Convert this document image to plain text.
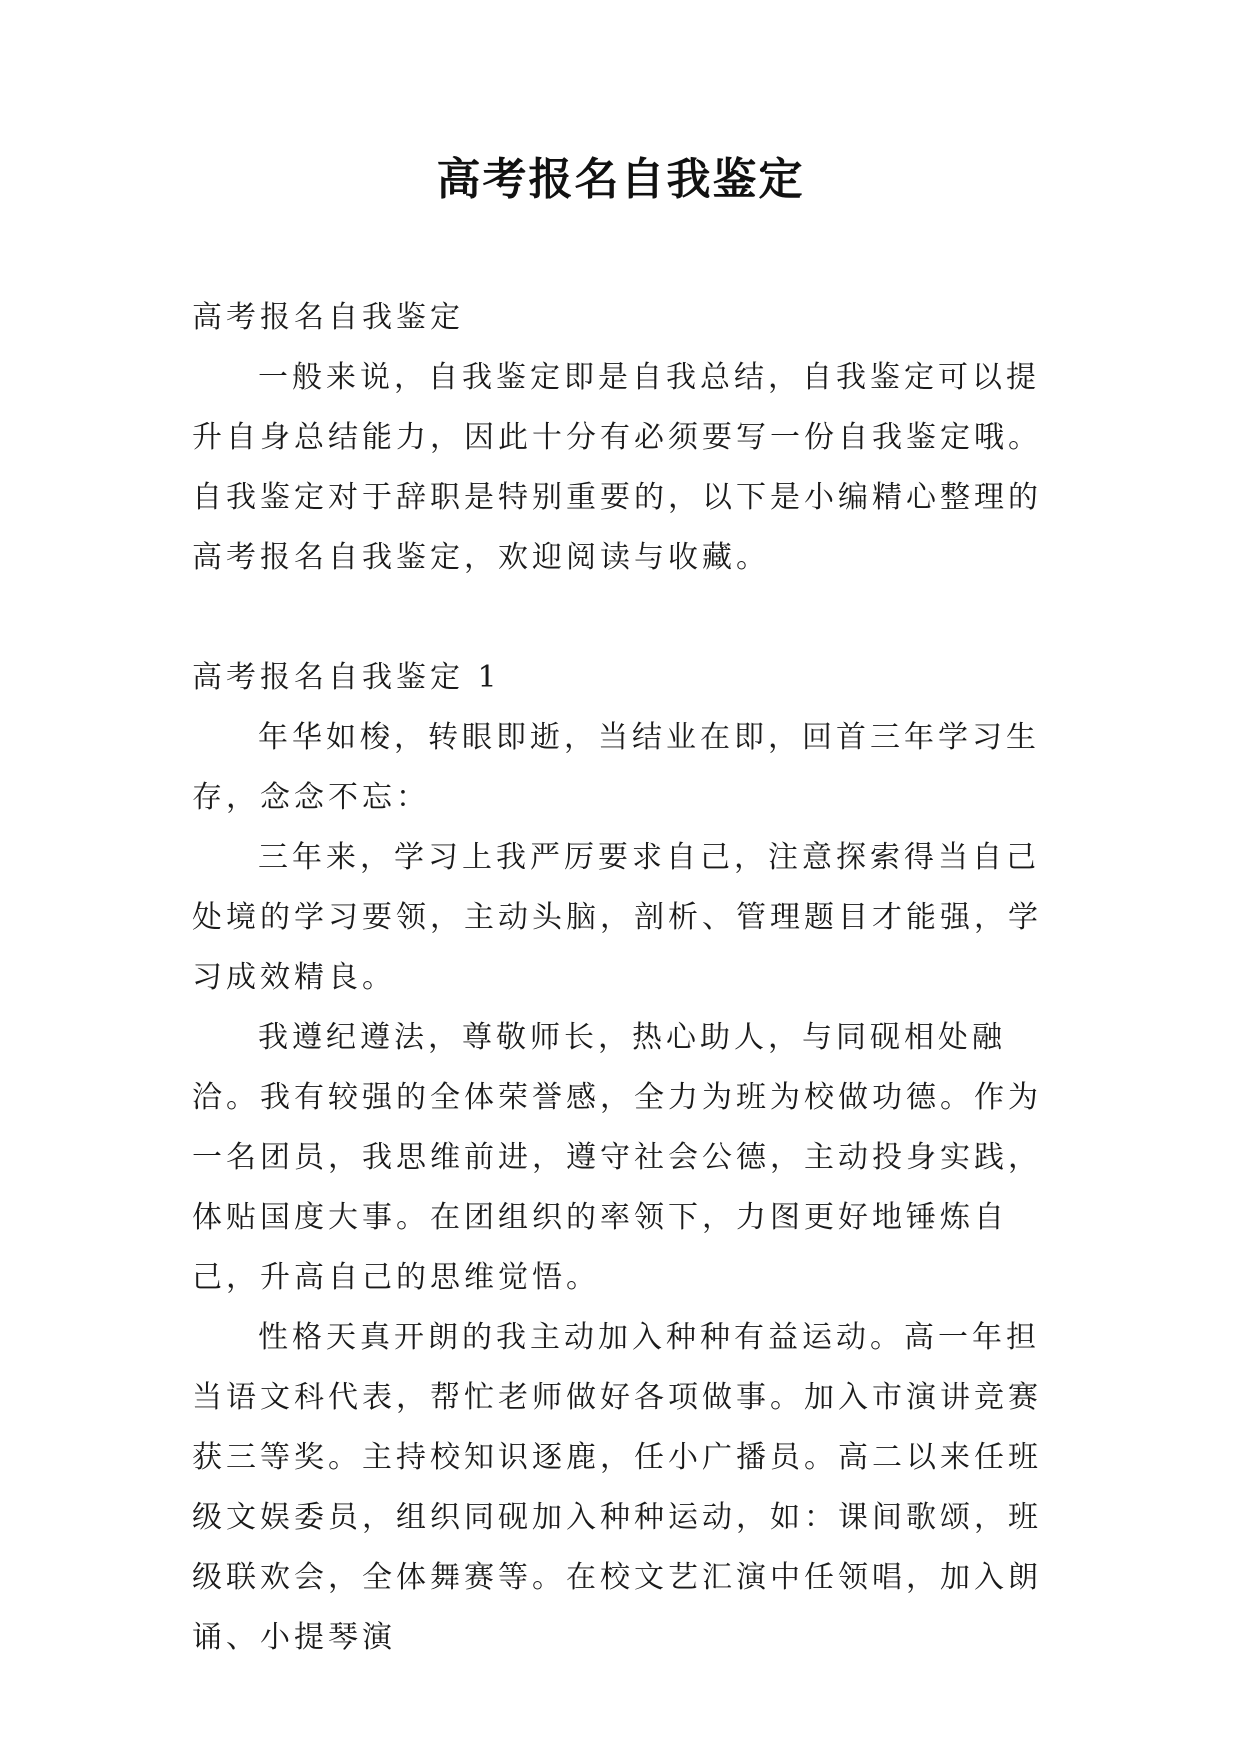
高考报名自我鉴定

高考报名自我鉴定

一般来说，自我鉴定即是自我总结，自我鉴定可以提升自身总结能力，因此十分有必须要写一份自我鉴定哦。自我鉴定对于辞职是特别重要的，以下是小编精心整理的高考报名自我鉴定，欢迎阅读与收藏。

高考报名自我鉴定 1

年华如梭，转眼即逝，当结业在即，回首三年学习生存，念念不忘：

三年来，学习上我严厉要求自己，注意探索得当自己处境的学习要领，主动头脑，剖析、管理题目才能强，学习成效精良。

我遵纪遵法，尊敬师长，热心助人，与同砚相处融洽。我有较强的全体荣誉感，全力为班为校做功德。作为一名团员，我思维前进，遵守社会公德，主动投身实践，体贴国度大事。在团组织的率领下，力图更好地锤炼自己，升高自己的思维觉悟。

性格天真开朗的我主动加入种种有益运动。高一年担当语文科代表，帮忙老师做好各项做事。加入市演讲竞赛获三等奖。主持校知识逐鹿，任小广播员。高二以来任班级文娱委员，组织同砚加入种种运动，如：课间歌颂，班级联欢会，全体舞赛等。在校文艺汇演中任领唱，加入朗诵、小提琴演
